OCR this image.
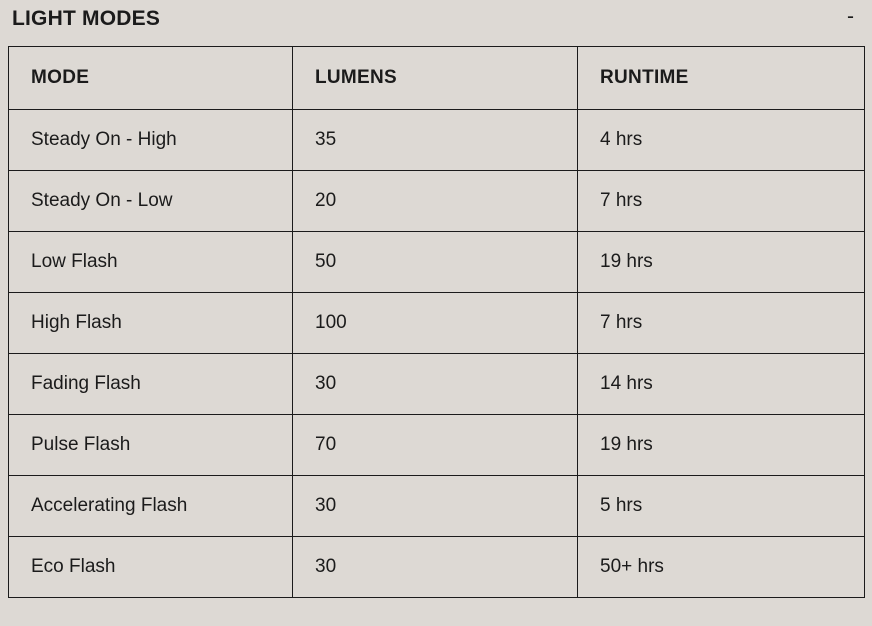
LIGHT MODES	-
MODE	LUMENS	RUNTIME
Steady On - High	35	4 hrs
Steady On - Low	20	7 hrs
Low Flash	50	19 hrs
High Flash	100	7 hrs
Fading Flash	30	14 hrs
Pulse Flash	70	19 hrs
Accelerating Flash	30	5 hrs
Eco Flash	30	50+ hrs
